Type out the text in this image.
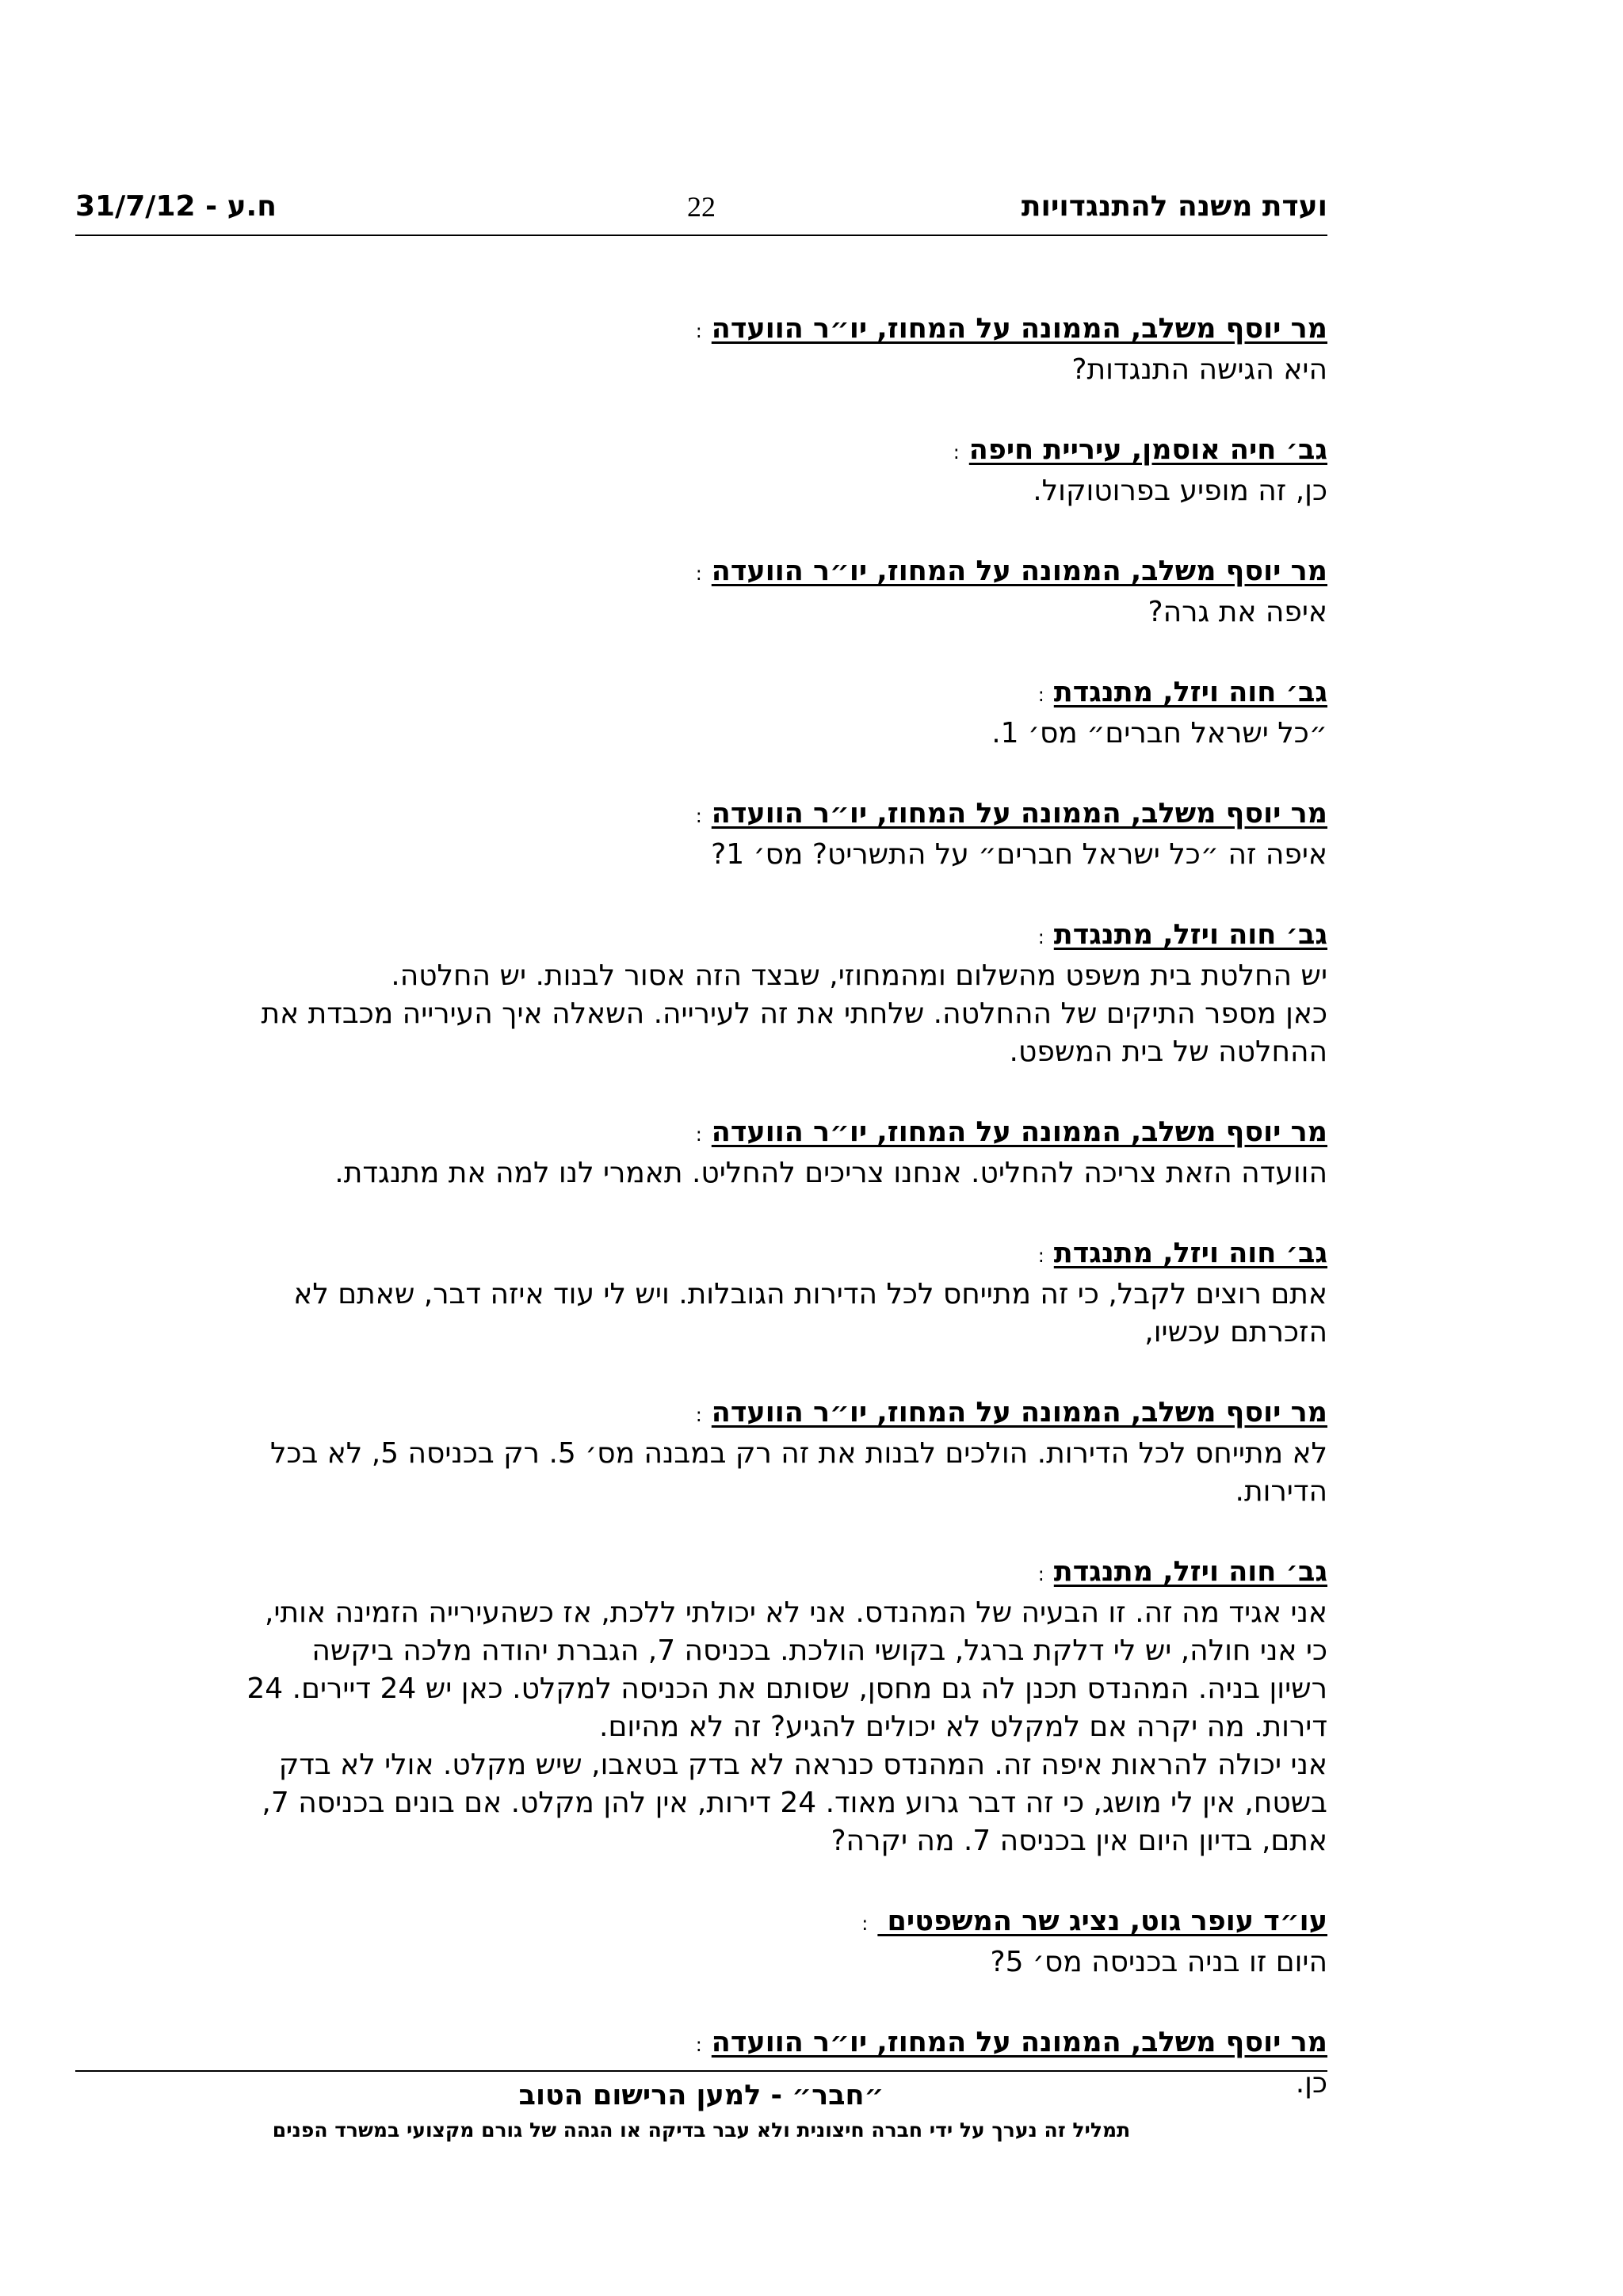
ועדת משנה להתנגדויות
22
31/7/12 - ח.ע
מר יוסף משלב, הממונה על המחוז, יו״ר הוועדה:
היא הגישה התנגדות?
גב׳ חיה אוסמן, עיריית חיפה:
כן, זה מופיע בפרוטוקול.
מר יוסף משלב, הממונה על המחוז, יו״ר הוועדה:
איפה את גרה?
גב׳ חוה ויזל, מתנגדת:
״כל ישראל חברים״ מס׳ 1.
מר יוסף משלב, הממונה על המחוז, יו״ר הוועדה:
איפה זה ״כל ישראל חברים״ על התשריט? מס׳ 1?
גב׳ חוה ויזל, מתנגדת:
יש החלטת בית משפט מהשלום ומהמחוזי, שבצד הזה אסור לבנות. יש החלטה.
כאן מספר התיקים של ההחלטה. שלחתי את זה לעירייה. השאלה איך העירייה מכבדת את
ההחלטה של בית המשפט.
מר יוסף משלב, הממונה על המחוז, יו״ר הוועדה:
הוועדה הזאת צריכה להחליט. אנחנו צריכים להחליט. תאמרי לנו למה את מתנגדת.
גב׳ חוה ויזל, מתנגדת:
אתם רוצים לקבל, כי זה מתייחס לכל הדירות הגובלות. ויש לי עוד איזה דבר, שאתם לא
הזכרתם עכשיו,
מר יוסף משלב, הממונה על המחוז, יו״ר הוועדה:
לא מתייחס לכל הדירות. הולכים לבנות את זה רק במבנה מס׳ 5. רק בכניסה 5, לא בכל
הדירות.
גב׳ חוה ויזל, מתנגדת:
אני אגיד מה זה. זו הבעיה של המהנדס. אני לא יכולתי ללכת, אז כשהעירייה הזמינה אותי,
כי אני חולה, יש לי דלקת ברגל, בקושי הולכת. בכניסה 7, הגברת יהודה מלכה ביקשה
רשיון בניה. המהנדס תכנן לה גם מחסן, שסותם את הכניסה למקלט. כאן יש 24 דיירים. 24
דירות. מה יקרה אם למקלט לא יכולים להגיע? זה לא מהיום.
אני יכולה להראות איפה זה. המהנדס כנראה לא בדק בטאבו, שיש מקלט. אולי לא בדק
בשטח, אין לי מושג, כי זה דבר גרוע מאוד. 24 דירות, אין להן מקלט. אם בונים בכניסה 7,
אתם, בדיון היום אין בכניסה 7. מה יקרה?
עו״ד עופר גוט, נציג שר המשפטים :
היום זו בניה בכניסה מס׳ 5?
מר יוסף משלב, הממונה על המחוז, יו״ר הוועדה:
כן.
״חבר״ - למען הרישום הטוב
תמליל זה נערך על ידי חברה חיצונית ולא עבר בדיקה או הגהה של גורם מקצועי במשרד הפנים
